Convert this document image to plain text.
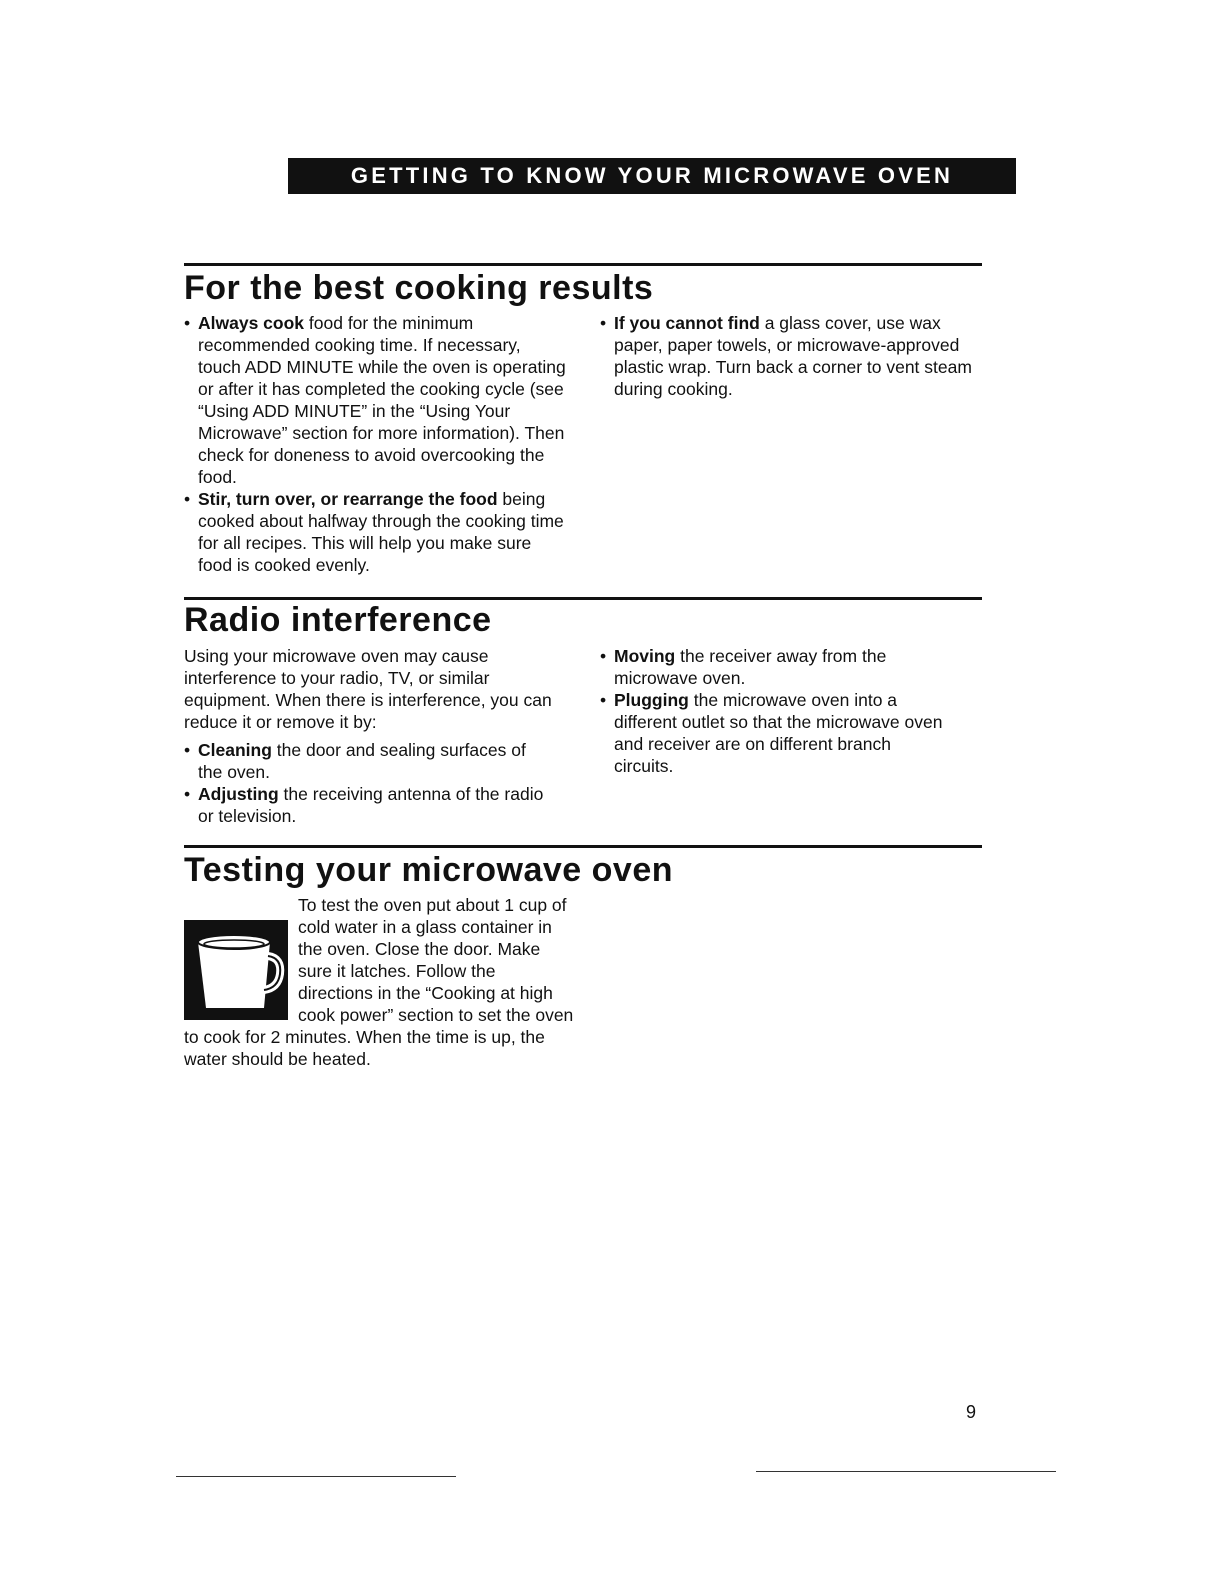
GETTING TO KNOW YOUR MICROWAVE OVEN
For the best cooking results

• Always cook food for the minimum recommended cooking time. If necessary, touch ADD MINUTE while the oven is operating or after it has completed the cooking cycle (see “Using ADD MINUTE” in the “Using Your Microwave” section for more information). Then check for doneness to avoid overcooking the food.

• Stir, turn over, or rearrange the food being cooked about halfway through the cooking time for all recipes. This will help you make sure food is cooked evenly.

• If you cannot find a glass cover, use wax paper, paper towels, or microwave-approved plastic wrap. Turn back a corner to vent steam during cooking.

Radio interference

Using your microwave oven may cause interference to your radio, TV, or similar equipment. When there is interference, you can reduce it or remove it by:

• Cleaning the door and sealing surfaces of the oven.

• Adjusting the receiving antenna of the radio or television.

• Moving the receiver away from the microwave oven.

• Plugging the microwave oven into a different outlet so that the microwave oven and receiver are on different branch circuits.

Testing your microwave oven

To test the oven put about 1 cup of cold water in a glass container in the oven. Close the door. Make sure it latches. Follow the directions in the “Cooking at high cook power” section to set the oven to cook for 2 minutes. When the time is up, the water should be heated.

9
